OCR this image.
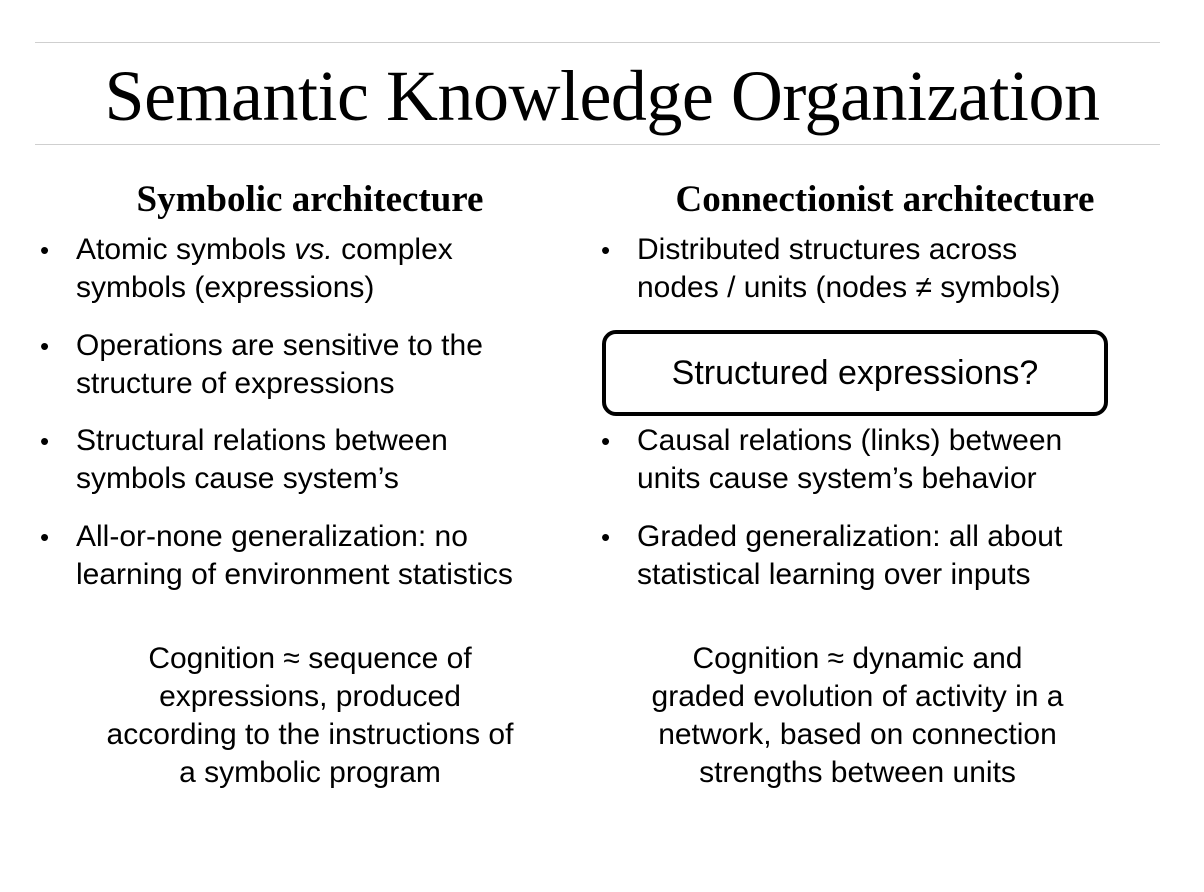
Semantic Knowledge Organization
Symbolic architecture
• Atomic symbols vs. complex
symbols (expressions)
• Operations are sensitive to the
structure of expressions
• Structural relations between
symbols cause system’s
• All-or-none generalization: no
learning of environment statistics
Cognition ≈ sequence of
expressions, produced
according to the instructions of
a symbolic program
Connectionist architecture
• Distributed structures across
nodes / units (nodes ≠ symbols)
Structured expressions?
• Causal relations (links) between
units cause system’s behavior
• Graded generalization: all about
statistical learning over inputs
Cognition ≈ dynamic and
graded evolution of activity in a
network, based on connection
strengths between units
